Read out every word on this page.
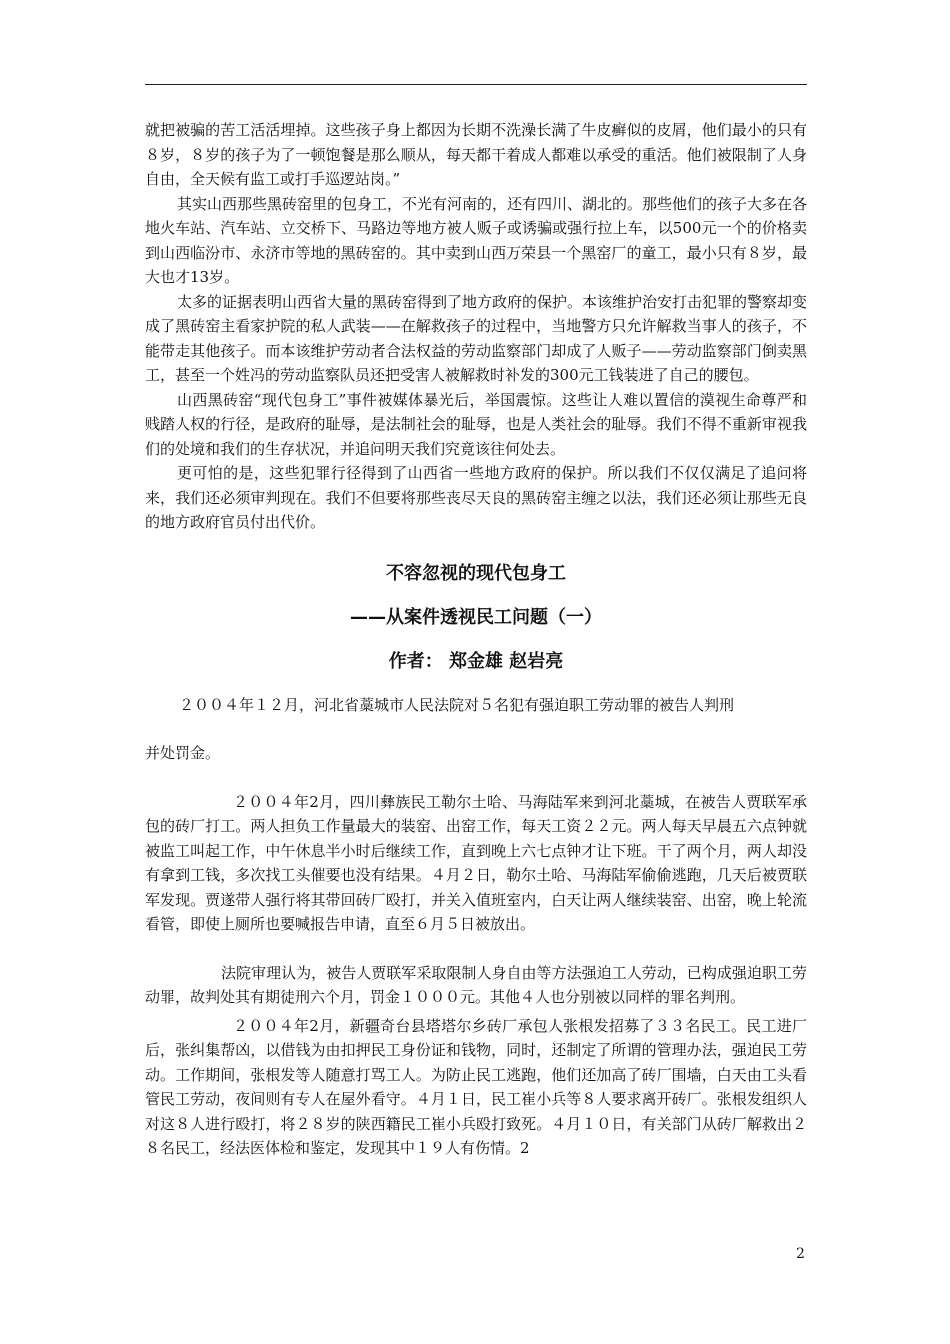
就把被骗的苦工活活埋掉。这些孩子身上都因为长期不洗澡长满了牛皮癣似的皮屑，他们最小的只有８岁，８岁的孩子为了一顿饱餐是那么顺从，每天都干着成人都难以承受的重活。他们被限制了人身自由，全天候有监工或打手巡逻站岗。”

其实山西那些黑砖窑里的包身工，不光有河南的，还有四川、湖北的。那些他们的孩子大多在各地火车站、汽车站、立交桥下、马路边等地方被人贩子或诱骗或强行拉上车，以500元一个的价格卖到山西临汾市、永济市等地的黑砖窑的。其中卖到山西万荣县一个黑窑厂的童工，最小只有８岁，最大也才13岁。

太多的证据表明山西省大量的黑砖窑得到了地方政府的保护。本该维护治安打击犯罪的警察却变成了黑砖窑主看家护院的私人武装——在解救孩子的过程中，当地警方只允许解救当事人的孩子，不能带走其他孩子。而本该维护劳动者合法权益的劳动监察部门却成了人贩子——劳动监察部门倒卖黑工，甚至一个姓冯的劳动监察队员还把受害人被解救时补发的300元工钱装进了自己的腰包。

山西黑砖窑“现代包身工”事件被媒体暴光后，举国震惊。这些让人难以置信的漠视生命尊严和贱踏人权的行径，是政府的耻辱，是法制社会的耻辱，也是人类社会的耻辱。我们不得不重新审视我们的处境和我们的生存状况，并追问明天我们究竟该往何处去。

更可怕的是，这些犯罪行径得到了山西省一些地方政府的保护。所以我们不仅仅满足了追问将来，我们还必须审判现在。我们不但要将那些丧尽天良的黑砖窑主缠之以法，我们还必须让那些无良的地方政府官员付出代价。

不容忽视的现代包身工
——从案件透视民工问题（一）
作者： 郑金雄 赵岩亮

２００４年１２月，河北省藁城市人民法院对５名犯有强迫职工劳动罪的被告人判刑

并处罚金。

２００４年2月，四川彝族民工勒尔土哈、马海陆军来到河北藁城，在被告人贾联军承包的砖厂打工。两人担负工作量最大的装窑、出窑工作，每天工资２２元。两人每天早晨五六点钟就被监工叫起工作，中午休息半小时后继续工作，直到晚上六七点钟才让下班。干了两个月，两人却没有拿到工钱，多次找工头催要也没有结果。４月２日，勒尔土哈、马海陆军偷偷逃跑，几天后被贾联军发现。贾遂带人强行将其带回砖厂殴打，并关入值班室内，白天让两人继续装窑、出窑，晚上轮流看管，即使上厕所也要喊报告申请，直至６月５日被放出。

法院审理认为，被告人贾联军采取限制人身自由等方法强迫工人劳动，已构成强迫职工劳动罪，故判处其有期徒刑六个月，罚金１０００元。其他４人也分别被以同样的罪名判刑。

２００４年2月，新疆奇台县塔塔尔乡砖厂承包人张根发招募了３３名民工。民工进厂后，张纠集帮凶，以借钱为由扣押民工身份证和钱物，同时，还制定了所谓的管理办法，强迫民工劳动。工作期间，张根发等人随意打骂工人。为防止民工逃跑，他们还加高了砖厂围墙，白天由工头看管民工劳动，夜间则有专人在屋外看守。４月１日，民工崔小兵等８人要求离开砖厂。张根发组织人对这８人进行殴打，将２８岁的陕西籍民工崔小兵殴打致死。４月１０日，有关部门从砖厂解救出２８名民工，经法医体检和鉴定，发现其中１９人有伤情。2

2
